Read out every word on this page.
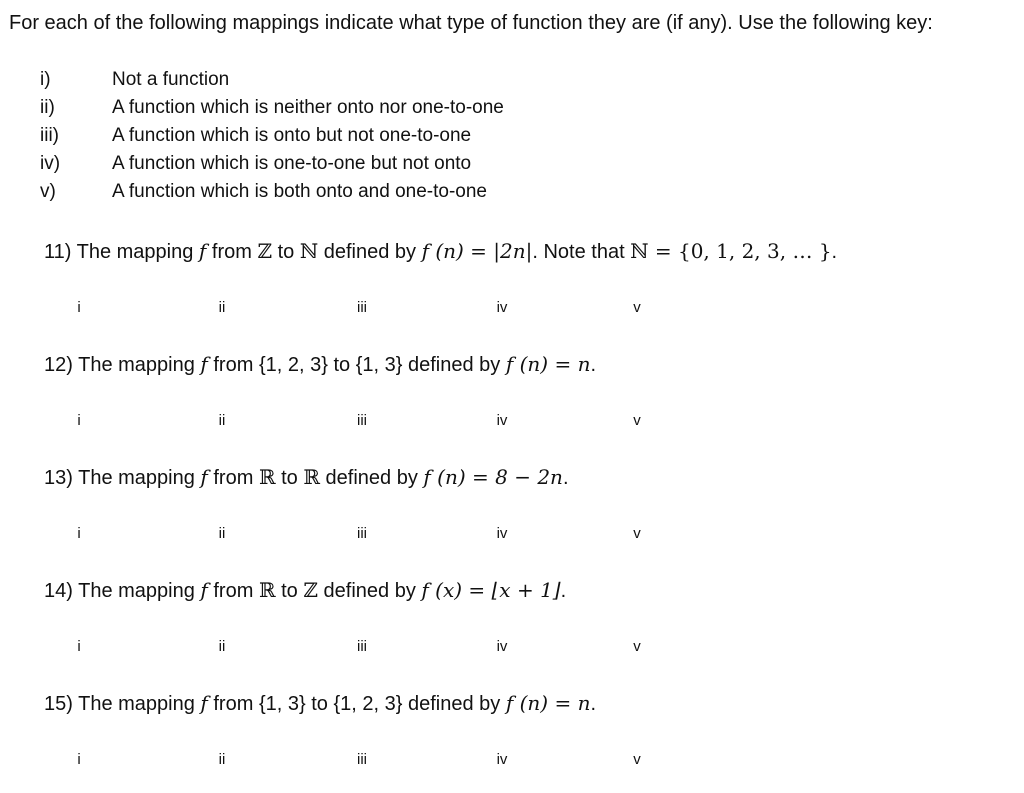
For each of the following mappings indicate what type of function they are (if any). Use the following key:
i)	Not a function
ii)	A function which is neither onto nor one-to-one
iii)	A function which is onto but not one-to-one
iv)	A function which is one-to-one but not onto
v)	A function which is both onto and one-to-one
11) The mapping f from ℤ to ℕ defined by f (n) = |2n|. Note that ℕ = {0, 1, 2, 3, … }.
i	ii	iii	iv	v
12) The mapping f from {1, 2, 3} to {1, 3} defined by f (n) = n.
i	ii	iii	iv	v
13) The mapping f from ℝ to ℝ defined by f (n) = 8 − 2n.
i	ii	iii	iv	v
14) The mapping f from ℝ to ℤ defined by f (x) = ⌊x + 1⌋.
i	ii	iii	iv	v
15) The mapping f from {1, 3} to {1, 2, 3} defined by f (n) = n.
i	ii	iii	iv	v
